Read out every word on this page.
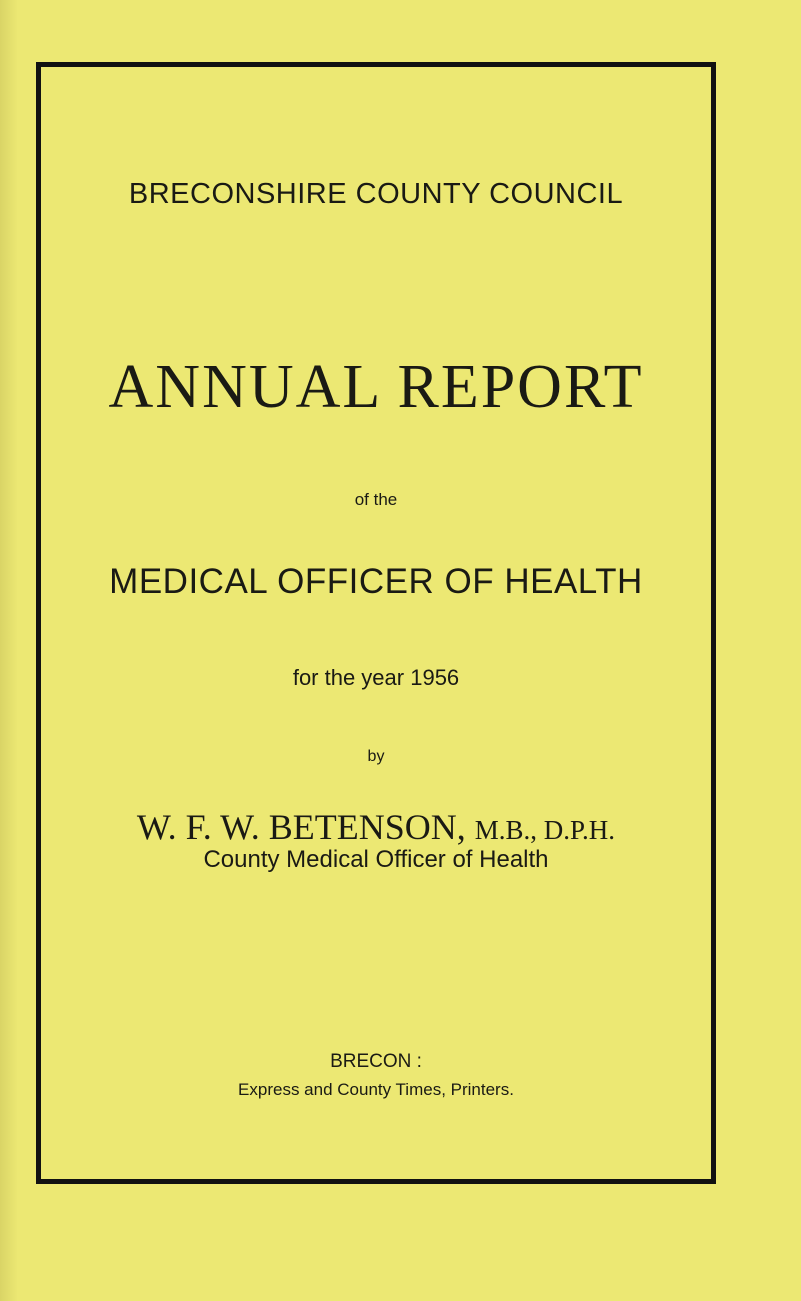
BRECONSHIRE COUNTY COUNCIL
ANNUAL REPORT
of the
MEDICAL OFFICER OF HEALTH
for the year 1956
by
W. F. W. BETENSON, M.B., D.P.H.
County Medical Officer of Health
BRECON :
Express and County Times, Printers.
